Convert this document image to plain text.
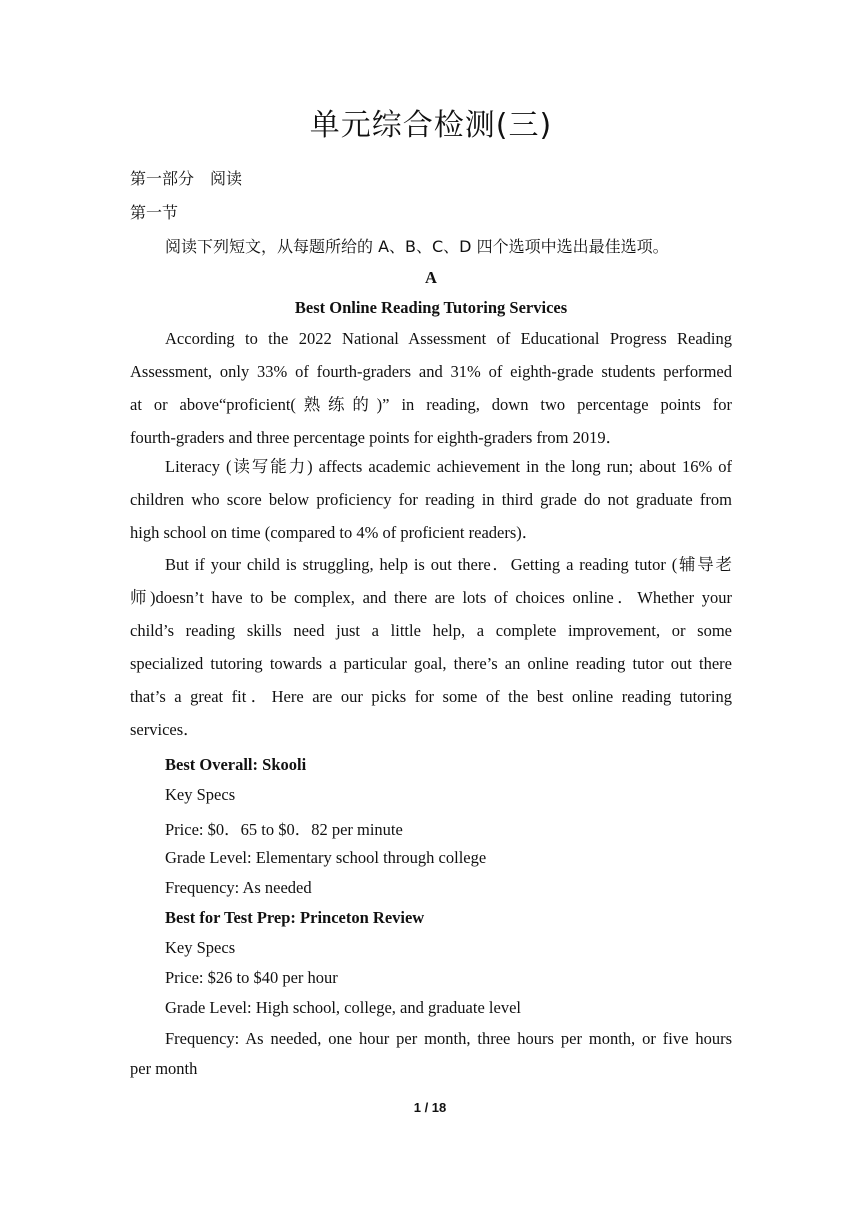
单元综合检测(三)
第一部分　阅读
第一节
阅读下列短文，从每题所给的 A、B、C、D 四个选项中选出最佳选项。
A
Best Online Reading Tutoring Services
According to the 2022 National Assessment of Educational Progress Reading
Assessment, only 33% of fourth-graders and 31% of eighth-grade students performed
at or above“proficient(熟练的)” in reading, down two percentage points for
fourth-graders and three percentage points for eighth-graders from 2019．
Literacy (读写能力) affects academic achievement in the long run; about 16% of
children who score below proficiency for reading in third grade do not graduate from
high school on time (compared to 4% of proficient readers)．
But if your child is struggling, help is out there．Getting a reading tutor (辅导老
师)doesn’t have to be complex, and there are lots of choices online．Whether your
child’s reading skills need just a little help, a complete improvement, or some
specialized tutoring towards a particular goal, there’s an online reading tutor out there
that’s a great fit．Here are our picks for some of the best online reading tutoring
services．
Best Overall: Skooli
Key Specs
Price: $0．65 to $0．82 per minute
Grade Level: Elementary school through college
Frequency: As needed
Best for Test Prep: Princeton Review
Key Specs
Price: $26 to $40 per hour
Grade Level: High school, college, and graduate level
Frequency: As needed, one hour per month, three hours per month, or five hours
per month
1 / 18
